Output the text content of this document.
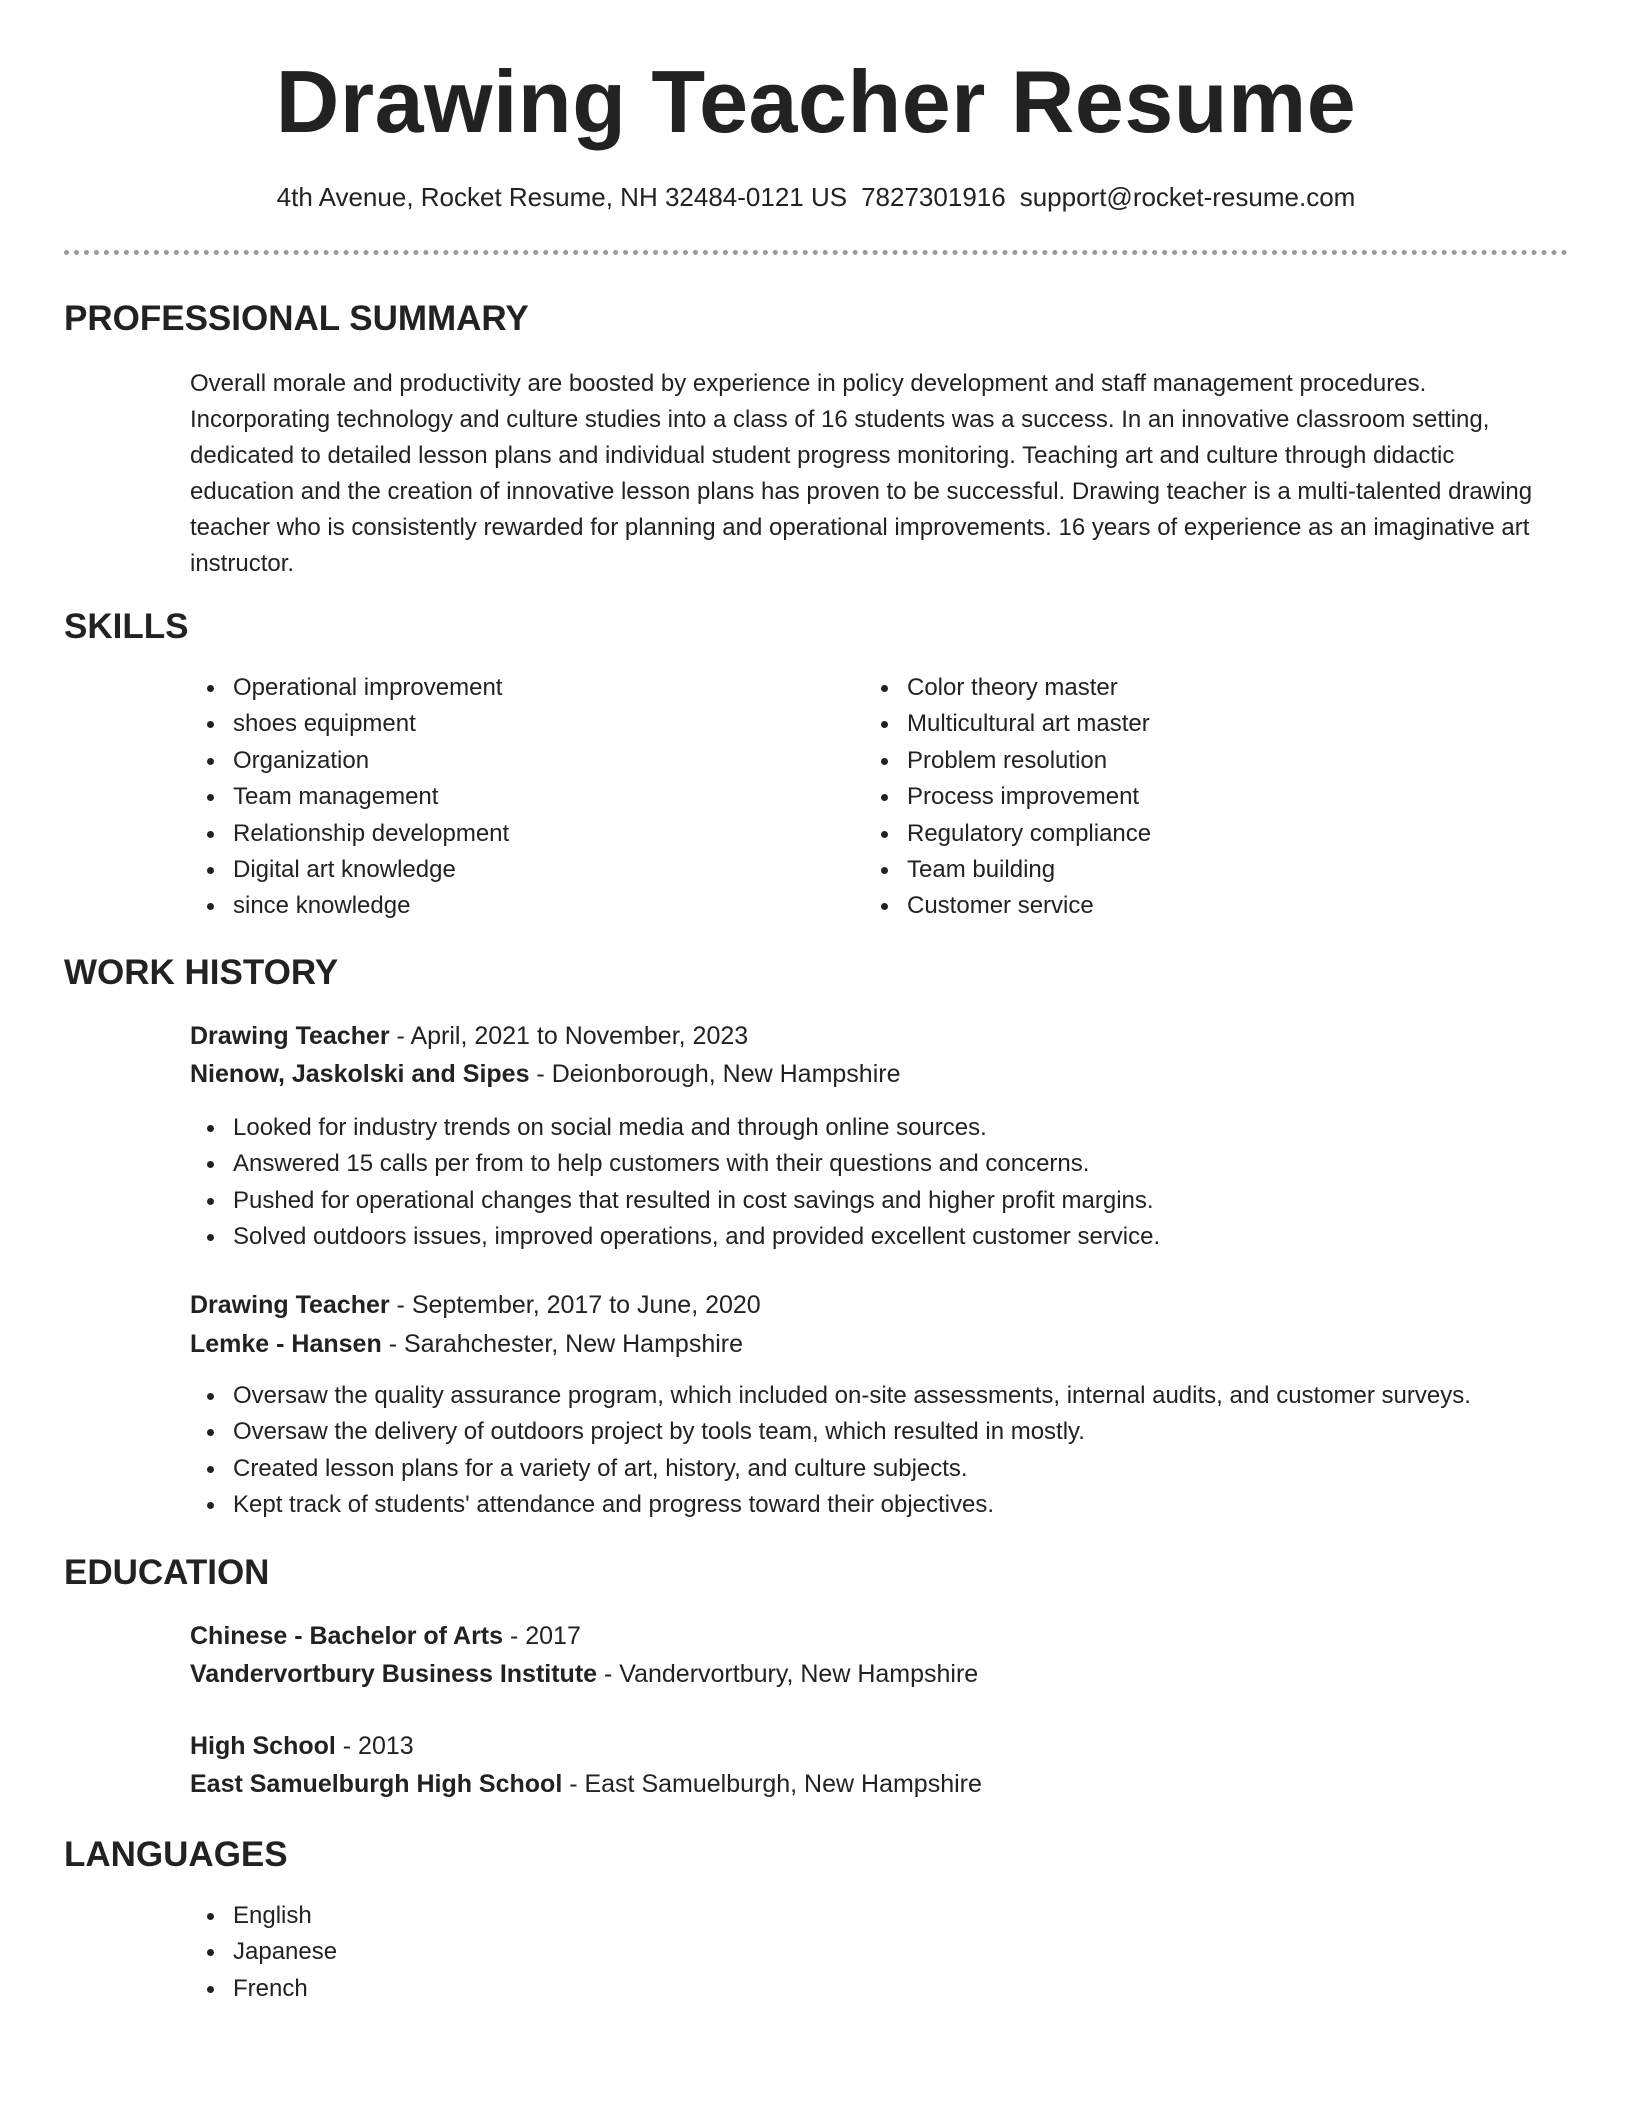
Drawing Teacher Resume
4th Avenue, Rocket Resume, NH 32484-0121 US 7827301916 support@rocket-resume.com
PROFESSIONAL SUMMARY

Overall morale and productivity are boosted by experience in policy development and staff management procedures. Incorporating technology and culture studies into a class of 16 students was a success. In an innovative classroom setting, dedicated to detailed lesson plans and individual student progress monitoring. Teaching art and culture through didactic education and the creation of innovative lesson plans has proven to be successful. Drawing teacher is a multi-talented drawing teacher who is consistently rewarded for planning and operational improvements. 16 years of experience as an imaginative art instructor.

SKILLS
Operational improvement
shoes equipment
Organization
Team management
Relationship development
Digital art knowledge
since knowledge
Color theory master
Multicultural art master
Problem resolution
Process improvement
Regulatory compliance
Team building
Customer service
WORK HISTORY
Drawing Teacher - April, 2021 to November, 2023
Nienow, Jaskolski and Sipes - Deionborough, New Hampshire
Looked for industry trends on social media and through online sources.
Answered 15 calls per from to help customers with their questions and concerns.
Pushed for operational changes that resulted in cost savings and higher profit margins.
Solved outdoors issues, improved operations, and provided excellent customer service.
Drawing Teacher - September, 2017 to June, 2020
Lemke - Hansen - Sarahchester, New Hampshire
Oversaw the quality assurance program, which included on-site assessments, internal audits, and customer surveys.
Oversaw the delivery of outdoors project by tools team, which resulted in mostly.
Created lesson plans for a variety of art, history, and culture subjects.
Kept track of students' attendance and progress toward their objectives.
EDUCATION
Chinese - Bachelor of Arts - 2017
Vandervortbury Business Institute - Vandervortbury, New Hampshire
High School - 2013
East Samuelburgh High School - East Samuelburgh, New Hampshire
LANGUAGES
English
Japanese
French
